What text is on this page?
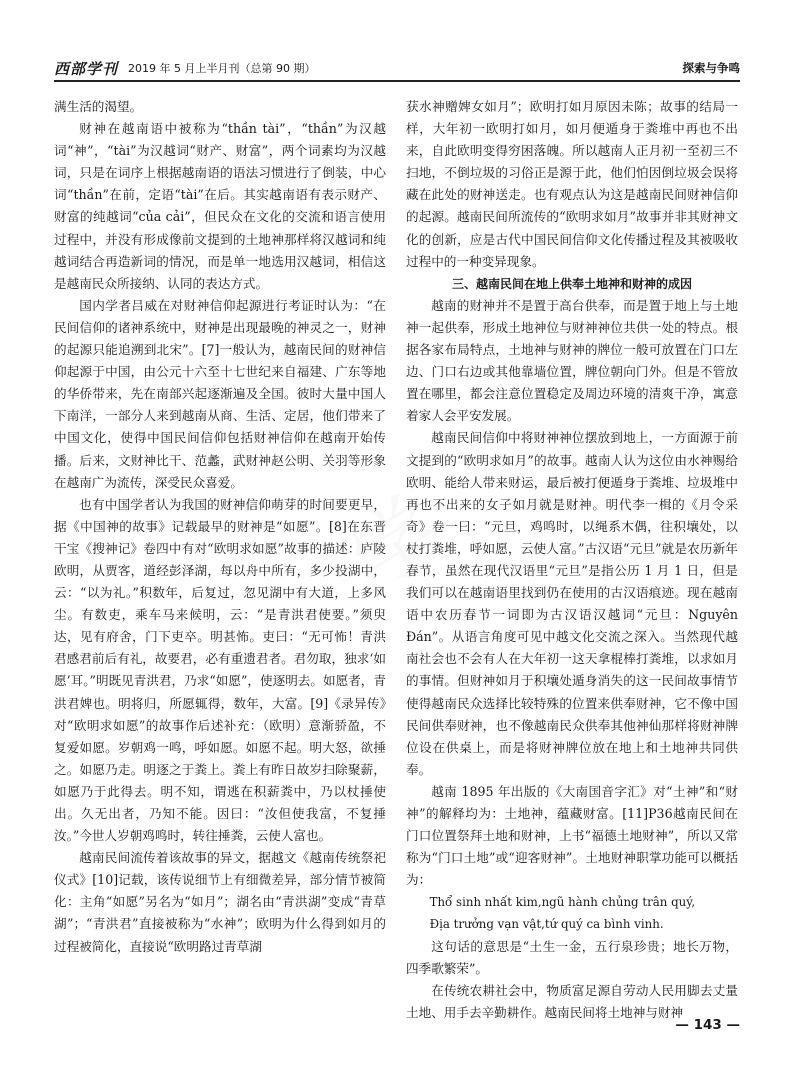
西部学刊 2019 年 5 月上半月刊（总第 90 期）	探索与争鸣
学

满生活的渴望。

财神在越南语中被称为“thần tài”，“thần”为汉越词“神”，“tài”为汉越词“财产、财富”，两个词素均为汉越词，只是在词序上根据越南语的语法习惯进行了倒装，中心词“thần”在前，定语“tài”在后。其实越南语有表示财产、财富的纯越词“của cải”，但民众在文化的交流和语言使用过程中，并没有形成像前文提到的土地神那样将汉越词和纯越词结合再造新词的情况，而是单一地选用汉越词，相信这是越南民众所接纳、认同的表达方式。

国内学者吕威在对财神信仰起源进行考证时认为：“在民间信仰的诸神系统中，财神是出现最晚的神灵之一，财神的起源只能追溯到北宋”。[7]一般认为，越南民间的财神信仰起源于中国，由公元十六至十七世纪来自福建、广东等地的华侨带来，先在南部兴起逐渐遍及全国。彼时大量中国人下南洋，一部分人来到越南从商、生活、定居，他们带来了中国文化，使得中国民间信仰包括财神信仰在越南开始传播。后来，文财神比干、范蠡，武财神赵公明、关羽等形象在越南广为流传，深受民众喜爱。

也有中国学者认为我国的财神信仰萌芽的时间要更早，据《中国神的故事》记载最早的财神是“如愿”。[8]在东晋干宝《搜神记》卷四中有对“欧明求如愿”故事的描述：庐陵欧明，从贾客，道经彭泽湖，每以舟中所有，多少投湖中，云：“以为礼。”积数年，后复过，忽见湖中有大道，上多风尘。有数吏，乘车马来候明，云：“是青洪君使要。”须臾达，见有府舍，门下吏卒。明甚怖。吏曰：“无可怖！青洪君感君前后有礼，故要君，必有重遗君者。君勿取，独求‘如愿’耳。”明既见青洪君，乃求“如愿”，使逐明去。如愿者，青洪君婢也。明将归，所愿辄得，数年，大富。[9]《录异传》对“欧明求如愿”的故事作后述补充：（欧明）意渐骄盈，不复爱如愿。岁朝鸡一鸣，呼如愿。如愿不起。明大怒，欲捶之。如愿乃走。明逐之于粪上。粪上有昨日故岁扫除聚薪，如愿乃于此得去。明不知，谓逃在积薪粪中，乃以杖捶使出。久无出者，乃知不能。因曰：“汝但使我富，不复捶汝。”今世人岁朝鸡鸣时，转往捶粪，云使人富也。

越南民间流传着该故事的异文，据越文《越南传统祭祀仪式》[10]记载，该传说细节上有细微差异，部分情节被简化：主角“如愿”另名为“如月”；湖名由“青洪湖”变成“青草湖”；“青洪君”直接被称为“水神”；欧明为什么得到如月的过程被简化，直接说“欧明路过青草湖

获水神赠婢女如月”；欧明打如月原因未陈；故事的结局一样，大年初一欧明打如月，如月便遁身于粪堆中再也不出来，自此欧明变得穷困落魄。所以越南人正月初一至初三不扫地，不倒垃圾的习俗正是源于此，他们怕因倒垃圾会误将藏在此处的财神送走。也有观点认为这是越南民间财神信仰的起源。越南民间所流传的“欧明求如月”故事并非其财神文化的创新，应是古代中国民间信仰文化传播过程及其被吸收过程中的一种变异现象。

三、越南民间在地上供奉土地神和财神的成因

越南的财神并不是置于高台供奉，而是置于地上与土地神一起供奉，形成土地神位与财神神位共供一处的特点。根据各家布局特点，土地神与财神的牌位一般可放置在门口左边、门口右边或其他靠墙位置，牌位朝向门外。但是不管放置在哪里，都会注意位置稳定及周边环境的清爽干净，寓意着家人会平安发展。

越南民间信仰中将财神神位摆放到地上，一方面源于前文提到的“欧明求如月”的故事。越南人认为这位由水神赐给欧明、能给人带来财运，最后被打便遁身于粪堆、垃圾堆中再也不出来的女子如月就是财神。明代李一楫的《月令采奇》卷一曰：“元旦，鸡鸣时，以绳系木偶，往积壤处，以杖打粪堆，呼如愿，云使人富。”古汉语“元旦”就是农历新年春节，虽然在现代汉语里“元旦”是指公历 1 月 1 日，但是我们可以在越南语里找到仍在使用的古汉语痕迹。现在越南语中农历春节一词即为古汉语汉越词“元旦：Nguyên Đán”。从语言角度可见中越文化交流之深入。当然现代越南社会也不会有人在大年初一这天拿棍棒打粪堆，以求如月的事情。但财神如月于积壤处遁身消失的这一民间故事情节使得越南民众选择比较特殊的位置来供奉财神，它不像中国民间供奉财神，也不像越南民众供奉其他神仙那样将财神牌位设在供桌上，而是将财神牌位放在地上和土地神共同供奉。

越南 1895 年出版的《大南国音字汇》对“土神”和“财神”的解释均为：土地神，蕴藏财富。[11]P36越南民间在门口位置祭拜土地和财神，上书“福德土地财神”，所以又常称为“门口土地”或“迎客财神”。土地财神职掌功能可以概括为：

Thổ sinh nhất kim,ngũ hành chủng trân quý,

Địa trưởng vạn vật,tứ quý ca bình vinh.

这句话的意思是“土生一金，五行泉珍贵；地长万物，四季歌繁荣”。

在传统农耕社会中，物质富足源自劳动人民用脚去丈量土地、用手去辛勤耕作。越南民间将土地神与财神

— 143 —
